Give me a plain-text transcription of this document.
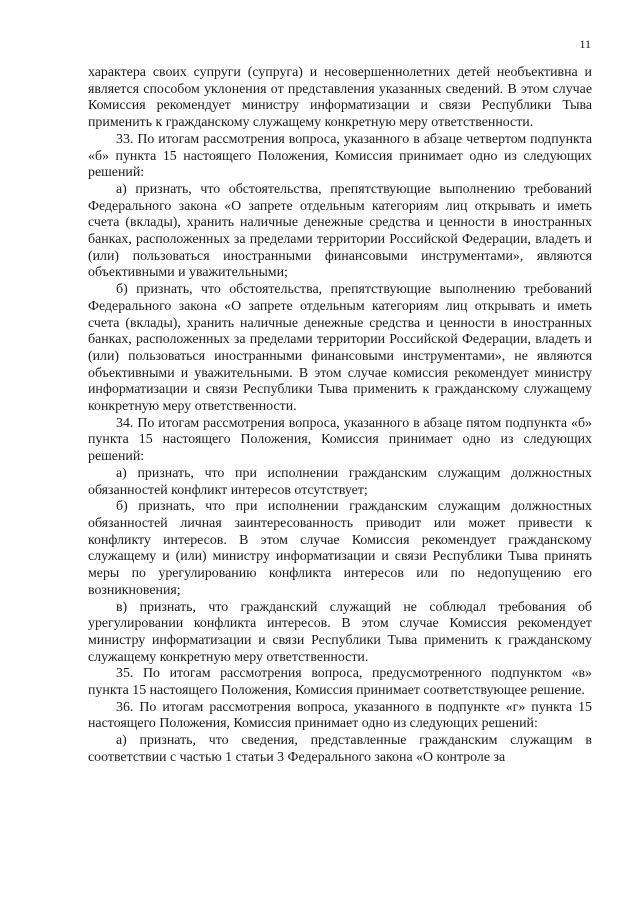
11

характера своих супруги (супруга) и несовершеннолетних детей необъективна и является способом уклонения от представления указанных сведений. В этом случае Комиссия рекомендует министру информатизации и связи Республики Тыва применить к гражданскому служащему конкретную меру ответственности.

33. По итогам рассмотрения вопроса, указанного в абзаце четвертом подпункта «б» пункта 15 настоящего Положения, Комиссия принимает одно из следующих решений:

а) признать, что обстоятельства, препятствующие выполнению требований Федерального закона «О запрете отдельным категориям лиц открывать и иметь счета (вклады), хранить наличные денежные средства и ценности в иностранных банках, расположенных за пределами территории Российской Федерации, владеть и (или) пользоваться иностранными финансовыми инструментами», являются объективными и уважительными;

б) признать, что обстоятельства, препятствующие выполнению требований Федерального закона «О запрете отдельным категориям лиц открывать и иметь счета (вклады), хранить наличные денежные средства и ценности в иностранных банках, расположенных за пределами территории Российской Федерации, владеть и (или) пользоваться иностранными финансовыми инструментами», не являются объективными и уважительными. В этом случае комиссия рекомендует министру информатизации и связи Республики Тыва применить к гражданскому служащему конкретную меру ответственности.

34. По итогам рассмотрения вопроса, указанного в абзаце пятом подпункта «б» пункта 15 настоящего Положения, Комиссия принимает одно из следующих решений:

а) признать, что при исполнении гражданским служащим должностных обязанностей конфликт интересов отсутствует;

б) признать, что при исполнении гражданским служащим должностных обязанностей личная заинтересованность приводит или может привести к конфликту интересов. В этом случае Комиссия рекомендует гражданскому служащему и (или) министру информатизации и связи Республики Тыва принять меры по урегулированию конфликта интересов или по недопущению его возникновения;

в) признать, что гражданский служащий не соблюдал требования об урегулировании конфликта интересов. В этом случае Комиссия рекомендует министру информатизации и связи Республики Тыва применить к гражданскому служащему конкретную меру ответственности.

35. По итогам рассмотрения вопроса, предусмотренного подпунктом «в» пункта 15 настоящего Положения, Комиссия принимает соответствующее решение.

36. По итогам рассмотрения вопроса, указанного в подпункте «г» пункта 15 настоящего Положения, Комиссия принимает одно из следующих решений:

а) признать, что сведения, представленные гражданским служащим в соответствии с частью 1 статьи 3 Федерального закона «О контроле за
